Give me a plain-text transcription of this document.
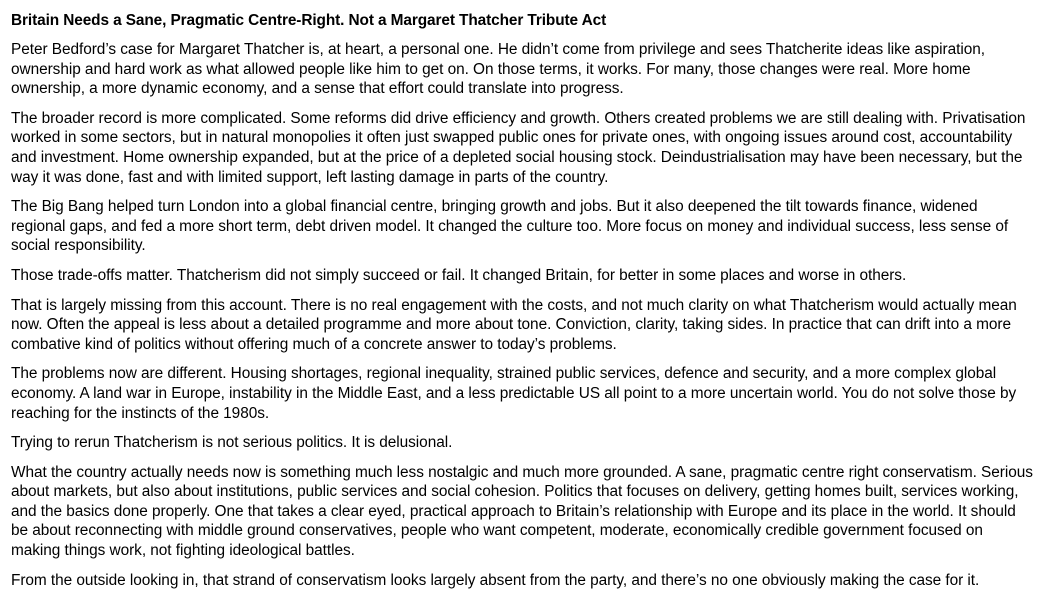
Britain Needs a Sane, Pragmatic Centre-Right. Not a Margaret Thatcher Tribute Act

Peter Bedford’s case for Margaret Thatcher is, at heart, a personal one. He didn’t come from privilege and sees Thatcherite ideas like aspiration, ownership and hard work as what allowed people like him to get on. On those terms, it works. For many, those changes were real. More home ownership, a more dynamic economy, and a sense that effort could translate into progress.

The broader record is more complicated. Some reforms did drive efficiency and growth. Others created problems we are still dealing with. Privatisation worked in some sectors, but in natural monopolies it often just swapped public ones for private ones, with ongoing issues around cost, accountability and investment. Home ownership expanded, but at the price of a depleted social housing stock. Deindustrialisation may have been necessary, but the way it was done, fast and with limited support, left lasting damage in parts of the country.

The Big Bang helped turn London into a global financial centre, bringing growth and jobs. But it also deepened the tilt towards finance, widened regional gaps, and fed a more short term, debt driven model. It changed the culture too. More focus on money and individual success, less sense of social responsibility.

Those trade-offs matter. Thatcherism did not simply succeed or fail. It changed Britain, for better in some places and worse in others.

That is largely missing from this account. There is no real engagement with the costs, and not much clarity on what Thatcherism would actually mean now. Often the appeal is less about a detailed programme and more about tone. Conviction, clarity, taking sides. In practice that can drift into a more combative kind of politics without offering much of a concrete answer to today’s problems.

The problems now are different. Housing shortages, regional inequality, strained public services, defence and security, and a more complex global economy. A land war in Europe, instability in the Middle East, and a less predictable US all point to a more uncertain world. You do not solve those by reaching for the instincts of the 1980s.

Trying to rerun Thatcherism is not serious politics. It is delusional.

What the country actually needs now is something much less nostalgic and much more grounded. A sane, pragmatic centre right conservatism. Serious about markets, but also about institutions, public services and social cohesion. Politics that focuses on delivery, getting homes built, services working, and the basics done properly. One that takes a clear eyed, practical approach to Britain’s relationship with Europe and its place in the world. It should be about reconnecting with middle ground conservatives, people who want competent, moderate, economically credible government focused on making things work, not fighting ideological battles.

From the outside looking in, that strand of conservatism looks largely absent from the party, and there’s no one obviously making the case for it.
